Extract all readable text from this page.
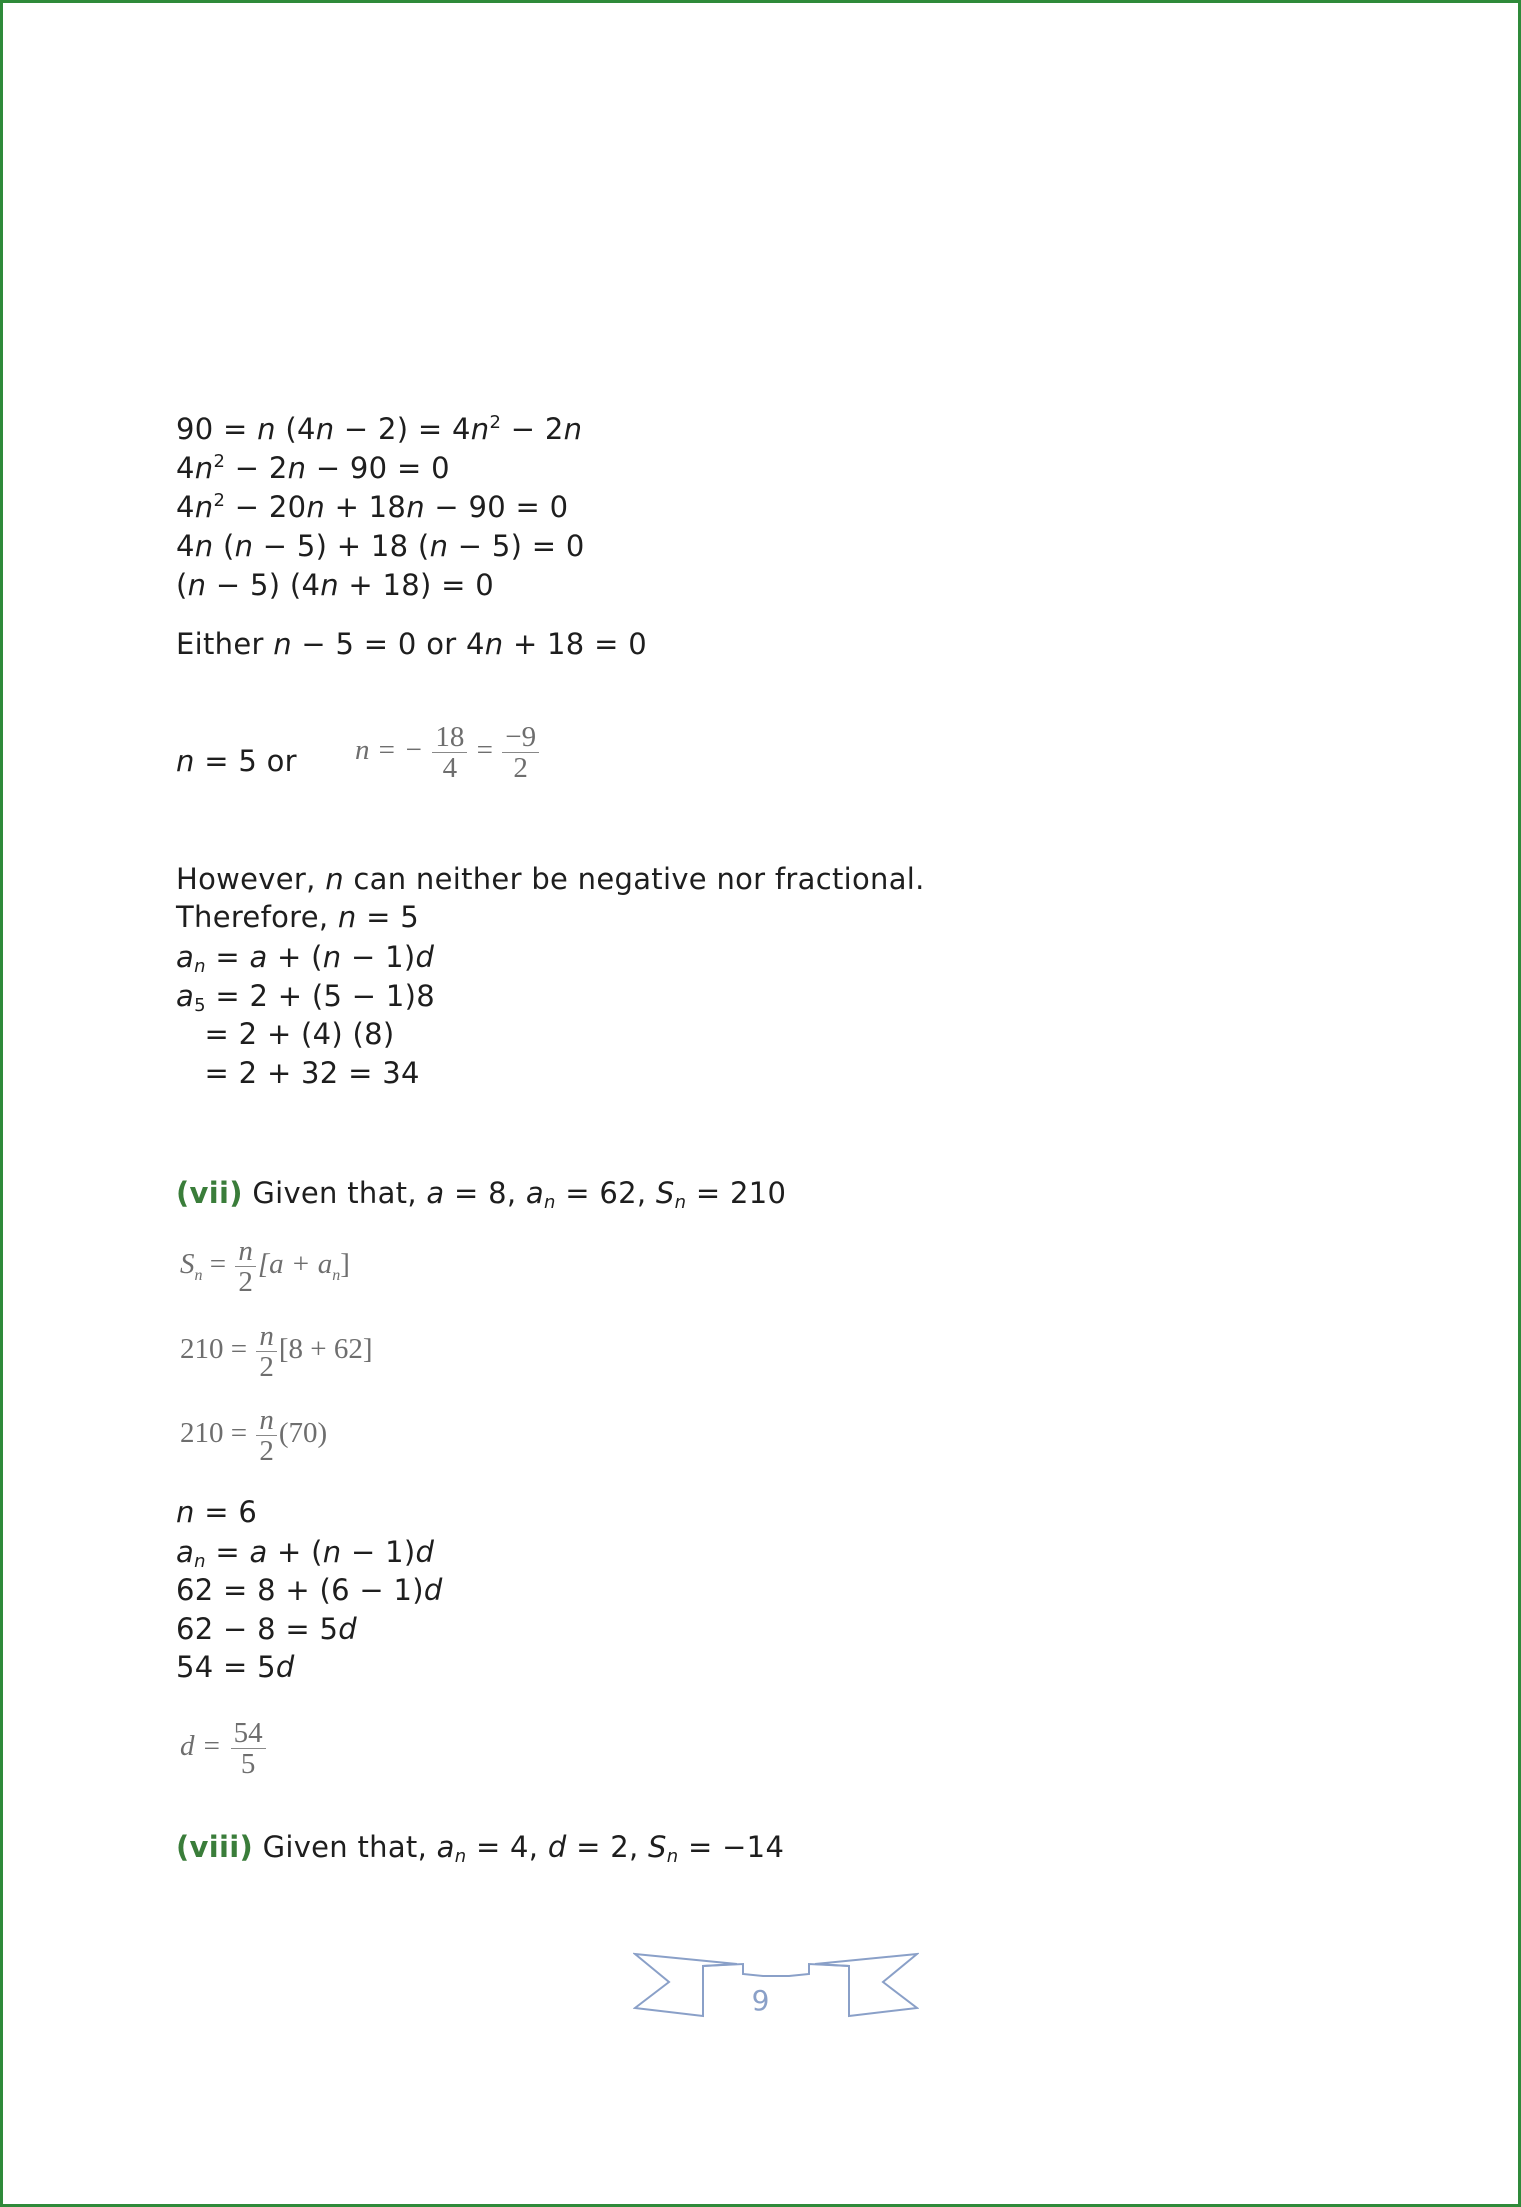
90 = n $(4n - 2) = 4n^2 - 2n$
$4n^2 - 2n - 90 = 0$
$4n^2 - 20n + 18n - 90 = 0$
4n (n − 5) + 18 (n − 5) = 0
(n − 5) (4n + 18) = 0
Either n − 5 = 0 or 4n + 18 = 0
n = 5 or n = − $\frac{18}{4} = \frac{-9}{2}$
However, n can neither be negative nor fractional.
Therefore, n = 5
$a_n = a + (n - 1)d$
$a_5 = 2 + (5 - 1)8$
= 2 + (4) (8)
= 2 + 32 = 34
(vii) Given that, a = 8, $a_n = 62$, $S_n = 210$
$S_n = \frac{n}{2} [a + a_n]$
$210 = \frac{n}{2} [8 + 62]$
$210 = \frac{n}{2} (70)$
n = 6
$a_n = a + (n - 1)d$
62 = 8 + (6 − 1)d
62 − 8 = 5d
54 = 5d
$d = \frac{54}{5}$
(viii) Given that, $a_n = 4$, d = 2, $S_n = -14$
9
